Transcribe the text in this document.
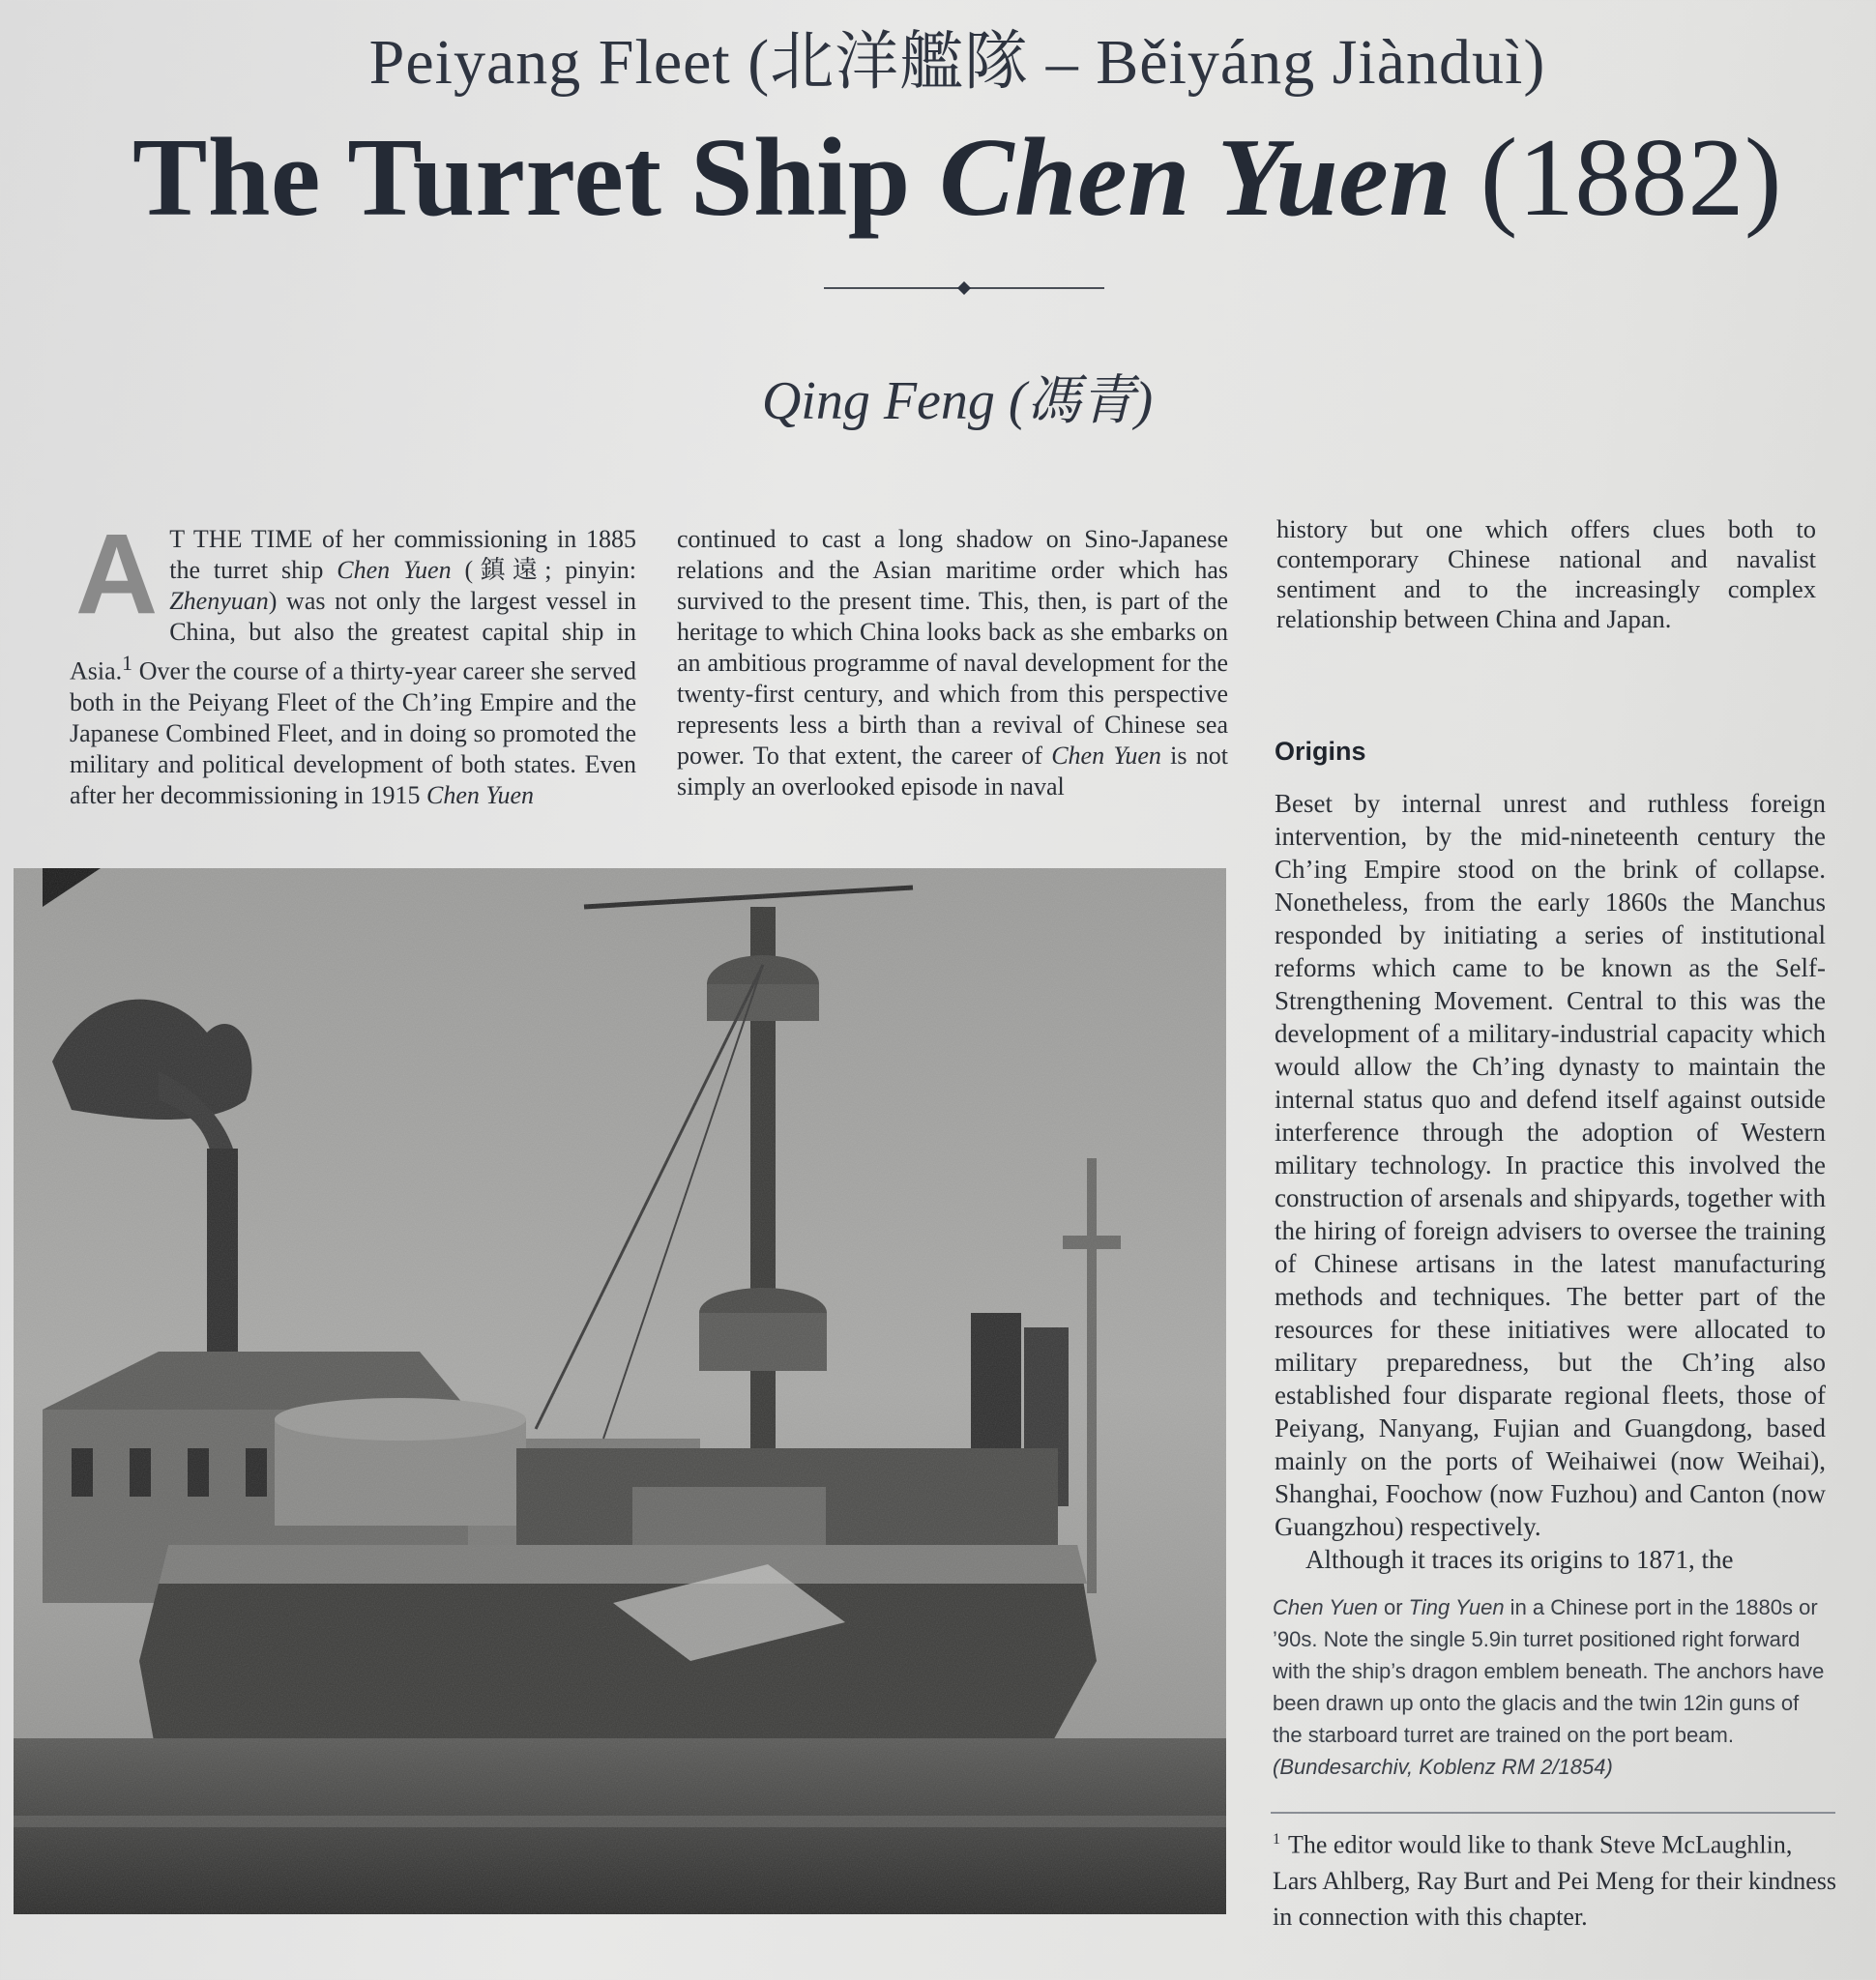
Peiyang Fleet (北洋艦隊 – Běiyáng Jiànduì)
The Turret Ship Chen Yuen (1882)
Qing Feng (馮青)
A T THE TIME of her commissioning in 1885 the turret ship Chen Yuen (鎮遠; pinyin: Zhenyuan) was not only the largest vessel in China, but also the greatest capital ship in Asia.$^1$ Over the course of a thirty-year career she served both in the Peiyang Fleet of the Ch’ing Empire and the Japanese Combined Fleet, and in doing so promoted the military and political development of both states. Even after her decommissioning in 1915 Chen Yuen
continued to cast a long shadow on Sino-Japanese relations and the Asian maritime order which has survived to the present time. This, then, is part of the heritage to which China looks back as she embarks on an ambitious programme of naval development for the twenty-first century, and which from this perspective represents less a birth than a revival of Chinese sea power. To that extent, the career of Chen Yuen is not simply an overlooked episode in naval

history but one which offers clues both to contemporary Chinese national and navalist sentiment and to the increasingly complex relationship between China and Japan.

Origins

Beset by internal unrest and ruthless foreign intervention, by the mid-nineteenth century the Ch’ing Empire stood on the brink of collapse. Nonetheless, from the early 1860s the Manchus responded by initiating a series of institutional reforms which came to be known as the Self-Strengthening Movement. Central to this was the development of a military-industrial capacity which would allow the Ch’ing dynasty to maintain the internal status quo and defend itself against outside interference through the adoption of Western military technology. In practice this involved the construction of arsenals and shipyards, together with the hiring of foreign advisers to oversee the training of Chinese artisans in the latest manufacturing methods and techniques. The better part of the resources for these initiatives were allocated to military preparedness, but the Ch’ing also established four disparate regional fleets, those of Peiyang, Nanyang, Fujian and Guangdong, based mainly on the ports of Weihaiwei (now Weihai), Shanghai, Foochow (now Fuzhou) and Canton (now Guangzhou) respectively.

Although it traces its origins to 1871, the

Chen Yuen or Ting Yuen in a Chinese port in the 1880s or ’90s. Note the single 5.9in turret positioned right forward with the ship’s dragon emblem beneath. The anchors have been drawn up onto the glacis and the twin 12in guns of the starboard turret are trained on the port beam.
(Bundesarchiv, Koblenz RM 2/1854)
$^1$ The editor would like to thank Steve McLaughlin, Lars Ahlberg, Ray Burt and Pei Meng for their kindness in connection with this chapter.
